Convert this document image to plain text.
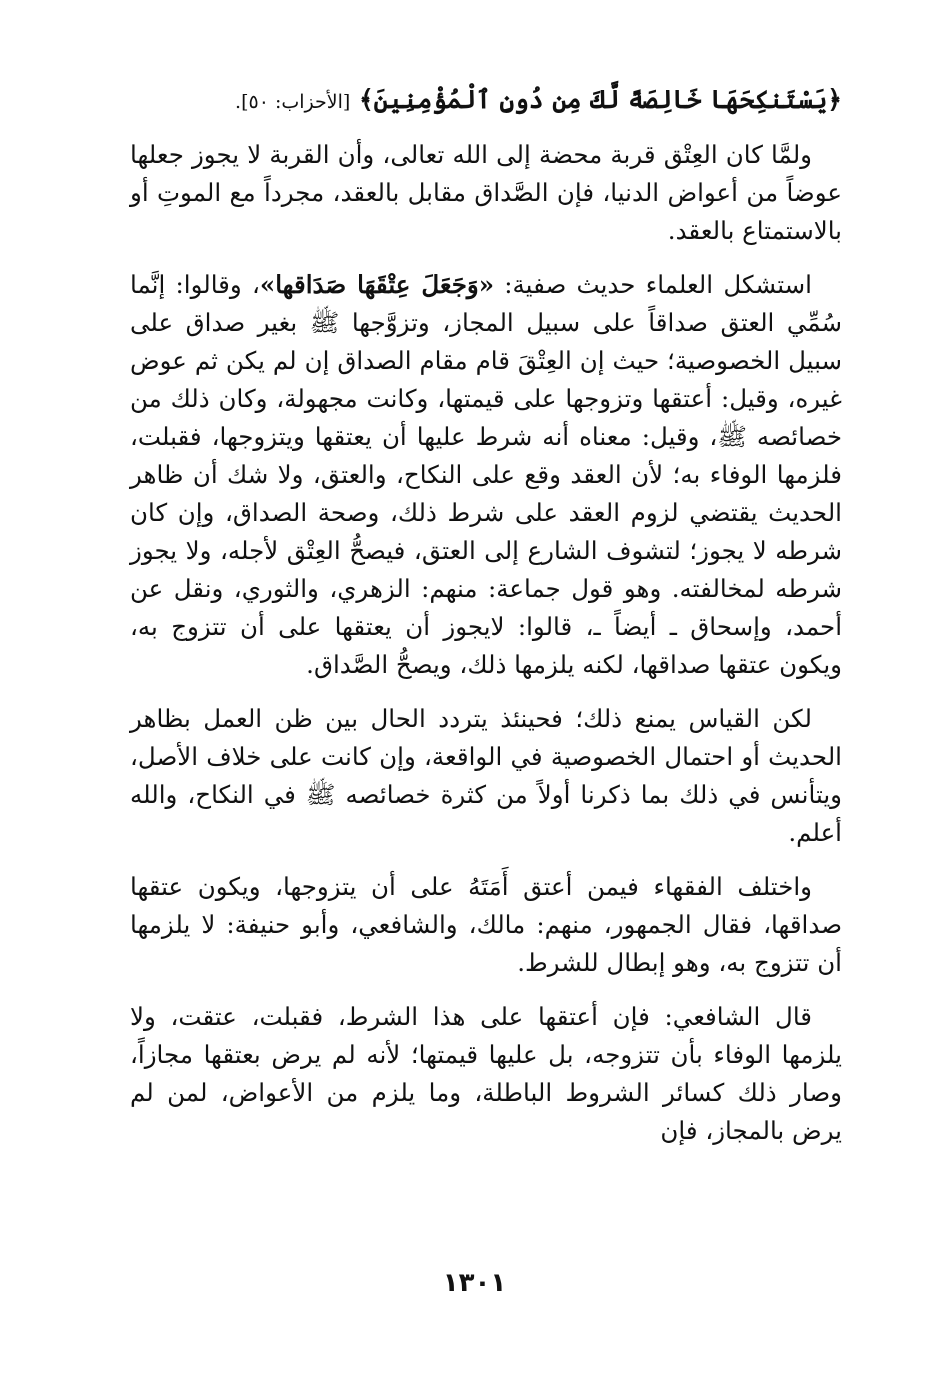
﴿يَسْتَنكِحَهَا خَالِصَةً لَّكَ مِن دُونِ ٱلْمُؤْمِنِينَ﴾ [الأحزاب: ٥٠].

ولمَّا كان العِتْق قربة محضة إلى الله تعالى، وأن القربة لا يجوز جعلها عوضاً من أعواض الدنيا، فإن الصَّداق مقابل بالعقد، مجرداً مع الموتِ أو بالاستمتاع بالعقد.

استشكل العلماء حديث صفية: «وَجَعَلَ عِتْقَهَا صَدَاقها»، وقالوا: إنَّما سُمِّي العتق صداقاً على سبيل المجاز، وتزوَّجها ﷺ بغير صداق على سبيل الخصوصية؛ حيث إن العِتْقَ قام مقام الصداق إن لم يكن ثم عوض غيره، وقيل: أعتقها وتزوجها على قيمتها، وكانت مجهولة، وكان ذلك من خصائصه ﷺ، وقيل: معناه أنه شرط عليها أن يعتقها ويتزوجها، فقبلت، فلزمها الوفاء به؛ لأن العقد وقع على النكاح، والعتق، ولا شك أن ظاهر الحديث يقتضي لزوم العقد على شرط ذلك، وصحة الصداق، وإن كان شرطه لا يجوز؛ لتشوف الشارع إلى العتق، فيصحُّ العِتْق لأجله، ولا يجوز شرطه لمخالفته. وهو قول جماعة: منهم: الزهري، والثوري، ونقل عن أحمد، وإسحاق ـ أيضاً ـ، قالوا: لايجوز أن يعتقها على أن تتزوج به، ويكون عتقها صداقها، لكنه يلزمها ذلك، ويصحُّ الصَّداق.

لكن القياس يمنع ذلك؛ فحينئذ يتردد الحال بين ظن العمل بظاهر الحديث أو احتمال الخصوصية في الواقعة، وإن كانت على خلاف الأصل، ويتأنس في ذلك بما ذكرنا أولاً من كثرة خصائصه ﷺ في النكاح، والله أعلم.

واختلف الفقهاء فيمن أعتق أَمَتَهُ على أن يتزوجها، ويكون عتقها صداقها، فقال الجمهور، منهم: مالك، والشافعي، وأبو حنيفة: لا يلزمها أن تتزوج به، وهو إبطال للشرط.

قال الشافعي: فإن أعتقها على هذا الشرط، فقبلت، عتقت، ولا يلزمها الوفاء بأن تتزوجه، بل عليها قيمتها؛ لأنه لم يرض بعتقها مجازاً، وصار ذلك كسائر الشروط الباطلة، وما يلزم من الأعواض، لمن لم يرض بالمجاز، فإن

١٣٠١
